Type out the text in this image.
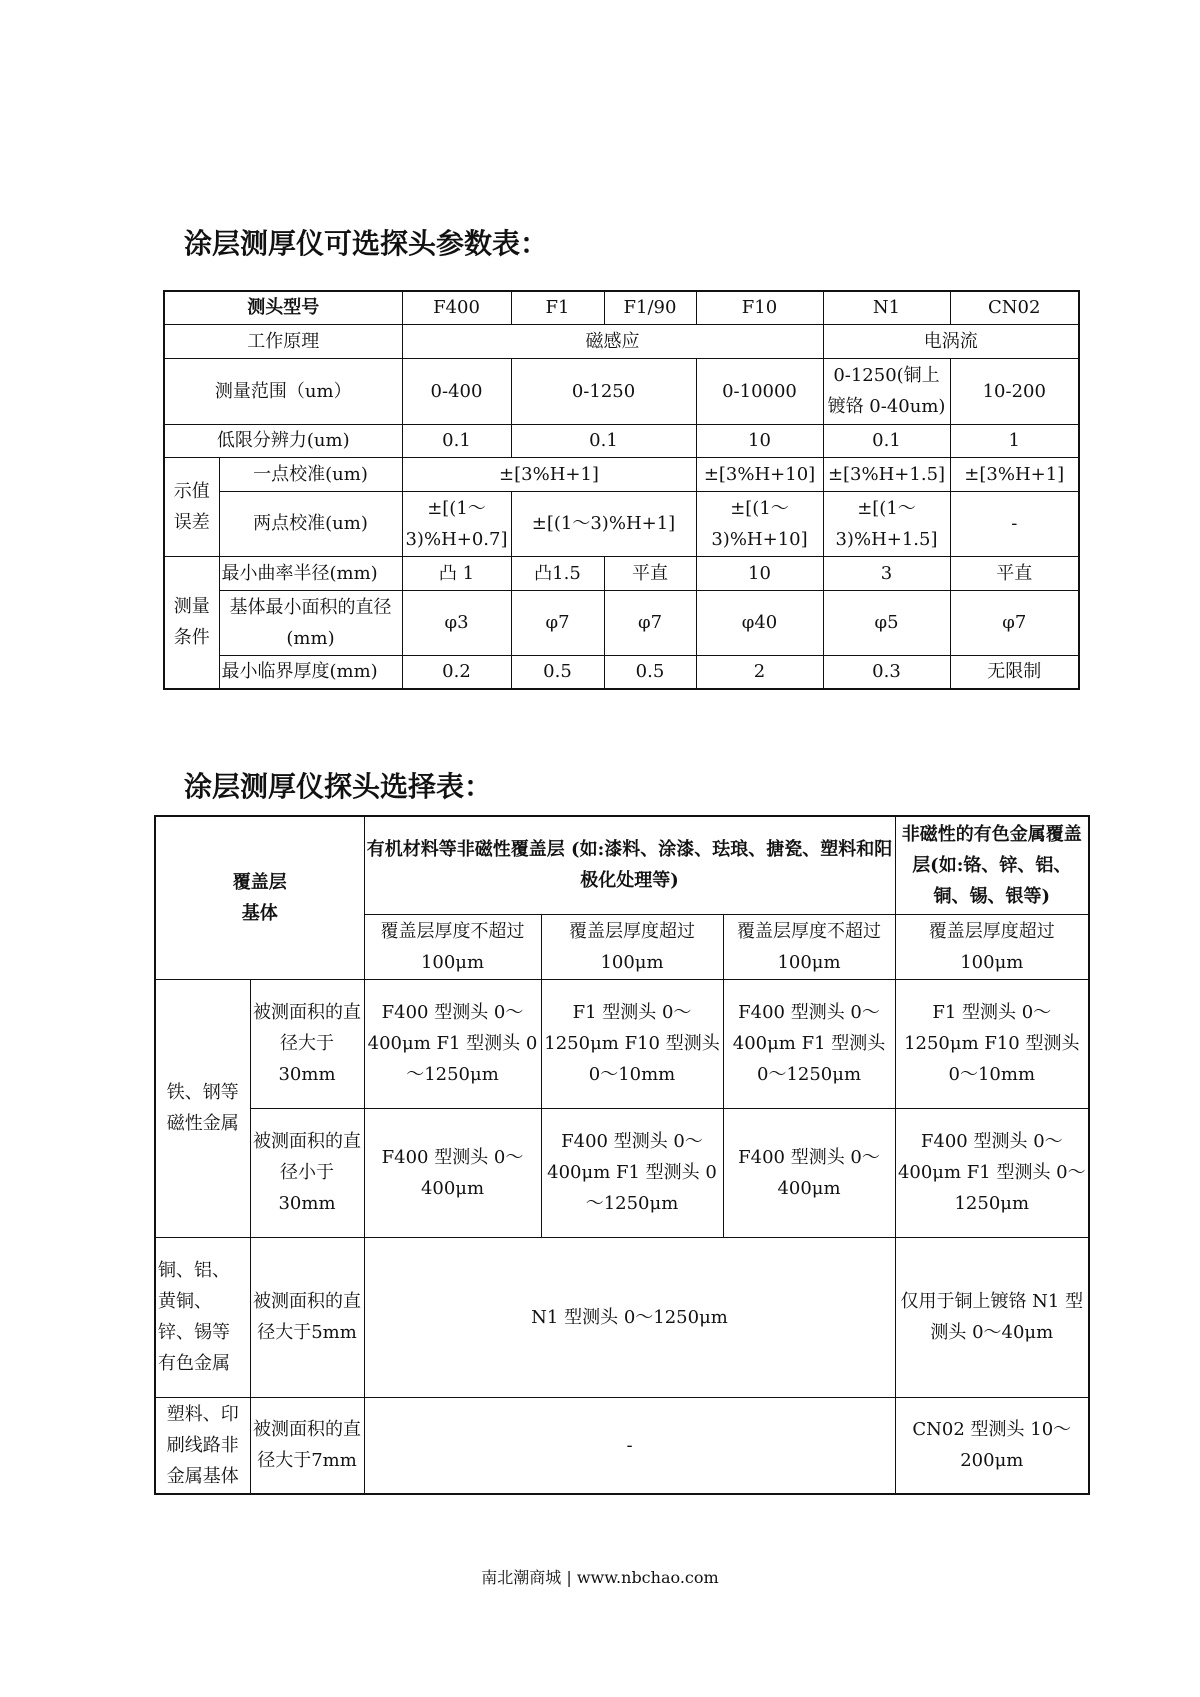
涂层测厚仪可选探头参数表：
测头型号		F400	F1	F1/90	F10	N1	CN02
工作原理		磁感应				电涡流	
测量范围（um）		0-400	0-1250		0-10000	0-1250(铜上镀铬 0-40um)	10-200
低限分辨力(um)		0.1	0.1		10	0.1	1
示值误差	一点校准(um)	±[3%H+1]			±[3%H+10]	±[3%H+1.5]	±[3%H+1]
	两点校准(um)	±[(1～3)%H+0.7]	±[(1～3)%H+1]		±[(1～3)%H+10]	±[(1～3)%H+1.5]	-
测量条件	最小曲率半径(mm)	凸 1	凸1.5	平直	10	3	平直
	基体最小面积的直径(mm)	φ3	φ7	φ7	φ40	φ5	φ7
	最小临界厚度(mm)	0.2	0.5	0.5	2	0.3	无限制
涂层测厚仪探头选择表：
覆盖层
基体		有机材料等非磁性覆盖层 (如:漆料、涂漆、珐琅、搪瓷、塑料和阳极化处理等)			非磁性的有色金属覆盖层(如:铬、锌、铝、铜、锡、银等)
		覆盖层厚度不超过100μm	覆盖层厚度超过100μm	覆盖层厚度不超过100μm	覆盖层厚度超过100μm
铁、钢等磁性金属	被测面积的直径大于30mm	F400 型测头 0～400μm F1 型测头 0～1250μm	F1 型测头 0～1250μm F10 型测头 0～10mm	F400 型测头 0～400μm F1 型测头 0～1250μm	F1 型测头 0～1250μm F10 型测头 0～10mm
	被测面积的直径小于30mm	F400 型测头 0～400μm	F400 型测头 0～400μm F1 型测头 0～1250μm	F400 型测头 0～400μm	F400 型测头 0～400μm F1 型测头 0～1250μm
铜、铝、黄铜、锌、锡等有色金属	被测面积的直径大于5mm	N1 型测头 0～1250μm			仅用于铜上镀铬 N1 型测头 0～40μm
塑料、印刷线路非金属基体	被测面积的直径大于7mm	-			CN02 型测头 10～200μm
南北潮商城 | www.nbchao.com
